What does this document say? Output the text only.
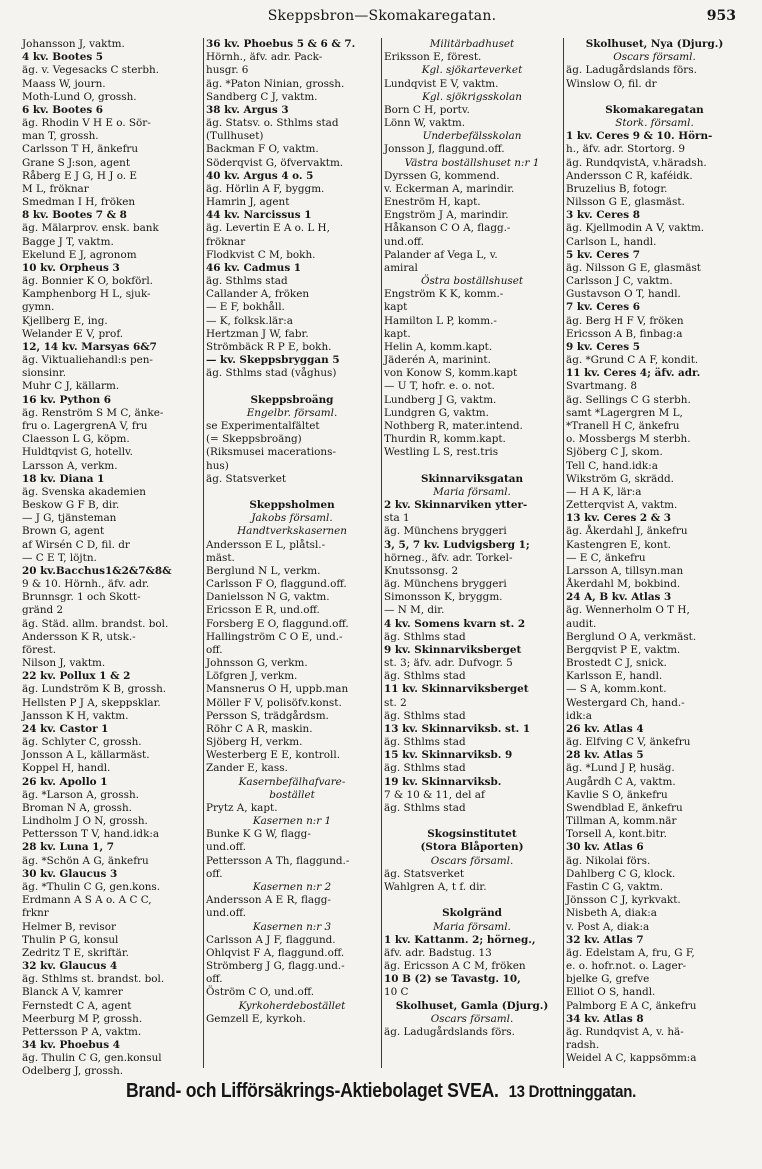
Skeppsbron—Skomakaregatan.	953
Johansson J, vaktm.
4 kv. Bootes 5
äg. v. Vegesacks C sterbh.
Maass W, journ.
Moth-Lund O, grossh.
6 kv. Bootes 6
äg. Rhodin V H E o. Sör-
man T, grossh.
Carlsson T H, änkefru
Grane S J:son, agent
Råberg E J G, H J o. E
M L, fröknar
Smedman I H, fröken
8 kv. Bootes 7 & 8
äg. Mälarprov. ensk. bank
Bagge J T, vaktm.
Ekelund E J, agronom
10 kv. Orpheus 3
äg. Bonnier K O, bokförl.
Kamphenborg H L, sjuk-
gymn.
Kjellberg E, ing.
Welander E V, prof.
12, 14 kv. Marsyas 6&7
äg. Viktualiehandl:s pen-
sionsinr.
Muhr C J, källarm.
16 kv. Python 6
äg. Renström S M C, änke-
fru o. LagergrenA V, fru
Claesson L G, köpm.
Huldtqvist G, hotellv.
Larsson A, verkm.
18 kv. Diana 1
äg. Svenska akademien
Beskow G F B, dir.
— J G, tjänsteman
Brown G, agent
af Wirsén C D, fil. dr
— C E T, löjtn.
20 kv.Bacchus1&2&7&8&
9 & 10. Hörnh., äfv. adr.
Brunnsgr. 1 och Skott-
gränd 2
äg. Städ. allm. brandst. bol.
Andersson K R, utsk.-
förest.
Nilson J, vaktm.
22 kv. Pollux 1 & 2
äg. Lundström K B, grossh.
Hellsten P J A, skeppsklar.
Jansson K H, vaktm.
24 kv. Castor 1
äg. Schlyter C, grossh.
Jonsson A L, källarmäst.
Koppel H, handl.
26 kv. Apollo 1
äg. *Larson A, grossh.
Broman N A, grossh.
Lindholm J O N, grossh.
Pettersson T V, hand.idk:a
28 kv. Luna 1, 7
äg. *Schön A G, änkefru
30 kv. Glaucus 3
äg. *Thulin C G, gen.kons.
Erdmann A S A o. A C C,
frknr
Helmer B, revisor
Thulin P G, konsul
Zedritz T E, skriftär.
32 kv. Glaucus 4
äg. Sthlms st. brandst. bol.
Blanck A V, kamrer
Fernstedt C A, agent
Meerburg M P, grossh.
Pettersson P A, vaktm.
34 kv. Phoebus 4
äg. Thulin C G, gen.konsul
Odelberg J, grossh.
36 kv. Phoebus 5 & 6 & 7.
Hörnh., äfv. adr. Pack-
husgr. 6
äg. *Paton Ninian, grossh.
Sandberg C J, vaktm.
38 kv. Argus 3
äg. Statsv. o. Sthlms stad
(Tullhuset)
Backman F O, vaktm.
Söderqvist G, öfvervaktm.
40 kv. Argus 4 o. 5
äg. Hörlin A F, byggm.
Hamrin J, agent
44 kv. Narcissus 1
äg. Levertin E A o. L H,
fröknar
Flodkvist C M, bokh.
46 kv. Cadmus 1
äg. Sthlms stad
Callander A, fröken
— E F, bokhåll.
— K, folksk.lär:a
Hertzman J W, fabr.
Strömbäck R P E, bokh.
— kv. Skeppsbryggan 5
äg. Sthlms stad (våghus)
Skeppsbroäng
Engelbr. församl.
se Experimentalfältet
(= Skeppsbroäng)
(Riksmusei macerations-
hus)
äg. Statsverket
Skeppsholmen
Jakobs församl.
Handtverkskasernen
Andersson E L, plåtsl.-
mäst.
Berglund N L, verkm.
Carlsson F O, flaggund.off.
Danielsson N G, vaktm.
Ericsson E R, und.off.
Forsberg E O, flaggund.off.
Hallingström C O E, und.-
off.
Johnsson G, verkm.
Löfgren J, verkm.
Mansnerus O H, uppb.man
Möller F V, polisöfv.konst.
Persson S, trädgårdsm.
Röhr C A R, maskin.
Sjöberg H, verkm.
Westerberg E E, kontroll.
Zander E, kass.
Kasernbefälhafvare-
bostället
Prytz A, kapt.
Kasernen n:r 1
Bunke K G W, flagg-
und.off.
Pettersson A Th, flaggund.-
off.
Kasernen n:r 2
Andersson A E R, flagg-
und.off.
Kasernen n:r 3
Carlsson A J F, flaggund.
Ohlqvist F A, flaggund.off.
Strömberg J G, flagg.und.-
off.
Öström C O, und.off.
Kyrkoherdebostället
Gemzell E, kyrkoh.
Militärbadhuset
Eriksson E, förest.
Kgl. sjökarteverket
Lundqvist E V, vaktm.
Kgl. sjökrigsskolan
Born C H, portv.
Lönn W, vaktm.
Underbefälsskolan
Jonsson J, flaggund.off.
Västra boställshuset n:r 1
Dyrssen G, kommend.
v. Eckerman A, marindir.
Eneström H, kapt.
Engström J A, marindir.
Håkanson C O A, flagg.-
und.off.
Palander af Vega L, v.
amiral
Östra boställshuset
Engström K K, komm.-
kapt
Hamilton L P, komm.-
kapt.
Helin A, komm.kapt.
Jäderén A, marinint.
von Konow S, komm.kapt
— U T, hofr. e. o. not.
Lundberg J G, vaktm.
Lundgren G, vaktm.
Nothberg R, mater.intend.
Thurdin R, komm.kapt.
Westling L S, rest.tris
Skinnarviksgatan
Maria församl.
2 kv. Skinnarviken ytter-
sta 1
äg. Münchens bryggeri
3, 5, 7 kv. Ludvigsberg 1;
hörneg., äfv. adr. Torkel-
Knutssonsg. 2
äg. Münchens bryggeri
Simonsson K, bryggm.
— N M, dir.
4 kv. Somens kvarn st. 2
äg. Sthlms stad
9 kv. Skinnarviksberget
st. 3; äfv. adr. Dufvogr. 5
äg. Sthlms stad
11 kv. Skinnarviksberget
st. 2
äg. Sthlms stad
13 kv. Skinnarviksb. st. 1
äg. Sthlms stad
15 kv. Skinnarviksb. 9
äg. Sthlms stad
19 kv. Skinnarviksb.
7 & 10 & 11, del af
äg. Sthlms stad
Skogsinstitutet
(Stora Blåporten)
Oscars församl.
äg. Statsverket
Wahlgren A, t f. dir.
Skolgränd
Maria församl.
1 kv. Kattanm. 2; hörneg.,
äfv. adr. Badstug. 13
äg. Ericsson A C M, fröken
10 B (2) se Tavastg. 10,
10 C
Skolhuset, Gamla (Djurg.)
Oscars församl.
äg. Ladugårdslands förs.
Skolhuset, Nya (Djurg.)
Oscars församl.
äg. Ladugårdslands förs.
Winslow O, fil. dr
Skomakaregatan
Stork. församl.
1 kv. Ceres 9 & 10. Hörn-
h., äfv. adr. Stortorg. 9
äg. RundqvistA, v.häradsh.
Andersson C R, kaféidk.
Bruzelius B, fotogr.
Nilsson G E, glasmäst.
3 kv. Ceres 8
äg. Kjellmodin A V, vaktm.
Carlson L, handl.
5 kv. Ceres 7
äg. Nilsson G E, glasmäst
Carlsson J C, vaktm.
Gustavson O T, handl.
7 kv. Ceres 6
äg. Berg H F V, fröken
Ericsson A B, finbag:a
9 kv. Ceres 5
äg. *Grund C A F, kondit.
11 kv. Ceres 4; äfv. adr.
Svartmang. 8
äg. Sellings C G sterbh.
samt *Lagergren M L,
*Tranell H C, änkefru
o. Mossbergs M sterbh.
Sjöberg C J, skom.
Tell C, hand.idk:a
Wikström G, skrädd.
— H A K, lär:a
Zetterqvist A, vaktm.
13 kv. Ceres 2 & 3
äg. Åkerdahl J, änkefru
Kastengren E, kont.
— E C, änkefru
Larsson A, tillsyn.man
Åkerdahl M, bokbind.
24 A, B kv. Atlas 3
äg. Wennerholm O T H,
audit.
Berglund O A, verkmäst.
Bergqvist P E, vaktm.
Brostedt C J, snick.
Karlsson E, handl.
— S A, komm.kont.
Westergard Ch, hand.-
idk:a
26 kv. Atlas 4
äg. Elfving C V, änkefru
28 kv. Atlas 5
äg. *Lund J P, husäg.
Augårdh C A, vaktm.
Kavlie S O, änkefru
Swendblad E, änkefru
Tillman A, komm.när
Torsell A, kont.bitr.
30 kv. Atlas 6
äg. Nikolai förs.
Dahlberg C G, klock.
Fastin C G, vaktm.
Jönsson C J, kyrkvakt.
Nisbeth A, diak:a
v. Post A, diak:a
32 kv. Atlas 7
äg. Edelstam A, fru, G F,
e. o. hofr.not. o. Lager-
bjelke G, grefve
Elliot O S, handl.
Palmborg E A C, änkefru
34 kv. Atlas 8
äg. Rundqvist A, v. hä-
radsh.
Weidel A C, kappsömm:a
Brand- och Lifförsäkrings-Aktiebolaget SVEA. 13 Drottninggatan.
